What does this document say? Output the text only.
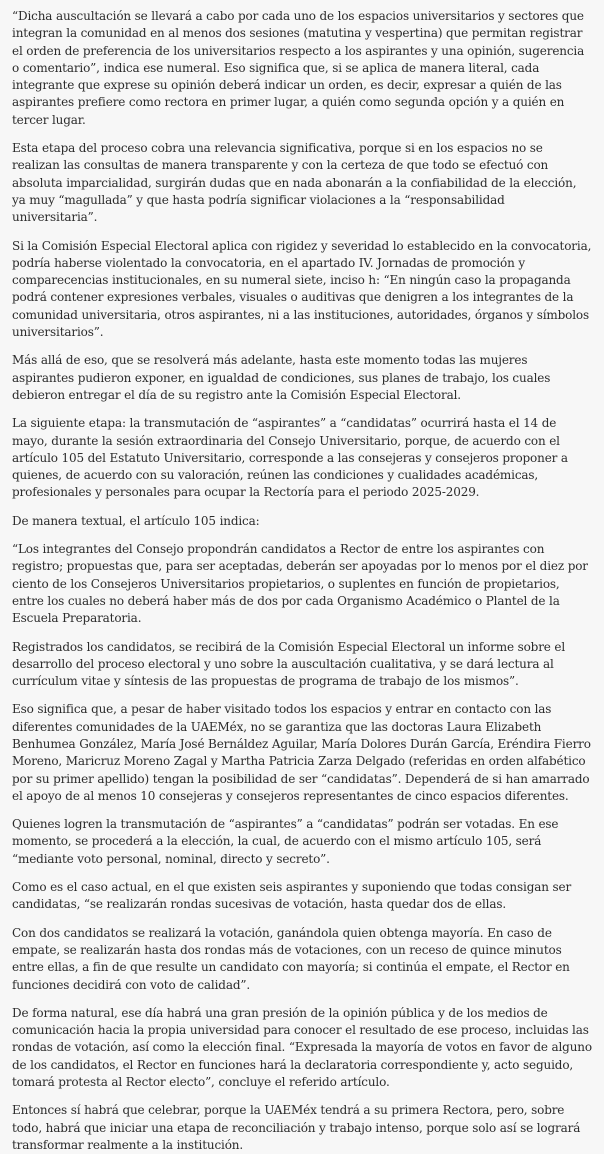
“Dicha auscultación se llevará a cabo por cada uno de los espacios universitarios y sectores que integran la comunidad en al menos dos sesiones (matutina y vespertina) que permitan registrar el orden de preferencia de los universitarios respecto a los aspirantes y una opinión, sugerencia o comentario”, indica ese numeral. Eso significa que, si se aplica de manera literal, cada integrante que exprese su opinión deberá indicar un orden, es decir, expresar a quién de las aspirantes prefiere como rectora en primer lugar, a quién como segunda opción y a quién en tercer lugar.

Esta etapa del proceso cobra una relevancia significativa, porque si en los espacios no se realizan las consultas de manera transparente y con la certeza de que todo se efectuó con absoluta imparcialidad, surgirán dudas que en nada abonarán a la confiabilidad de la elección, ya muy “magullada” y que hasta podría significar violaciones a la “responsabilidad universitaria”.

Si la Comisión Especial Electoral aplica con rigidez y severidad lo establecido en la convocatoria, podría haberse violentado la convocatoria, en el apartado IV. Jornadas de promoción y comparecencias institucionales, en su numeral siete, inciso h: “En ningún caso la propaganda podrá contener expresiones verbales, visuales o auditivas que denigren a los integrantes de la comunidad universitaria, otros aspirantes, ni a las instituciones, autoridades, órganos y símbolos universitarios”.

Más allá de eso, que se resolverá más adelante, hasta este momento todas las mujeres aspirantes pudieron exponer, en igualdad de condiciones, sus planes de trabajo, los cuales debieron entregar el día de su registro ante la Comisión Especial Electoral.

La siguiente etapa: la transmutación de “aspirantes” a “candidatas” ocurrirá hasta el 14 de mayo, durante la sesión extraordinaria del Consejo Universitario, porque, de acuerdo con el artículo 105 del Estatuto Universitario, corresponde a las consejeras y consejeros proponer a quienes, de acuerdo con su valoración, reúnen las condiciones y cualidades académicas, profesionales y personales para ocupar la Rectoría para el periodo 2025-2029.

De manera textual, el artículo 105 indica:

“Los integrantes del Consejo propondrán candidatos a Rector de entre los aspirantes con registro; propuestas que, para ser aceptadas, deberán ser apoyadas por lo menos por el diez por ciento de los Consejeros Universitarios propietarios, o suplentes en función de propietarios, entre los cuales no deberá haber más de dos por cada Organismo Académico o Plantel de la Escuela Preparatoria.

Registrados los candidatos, se recibirá de la Comisión Especial Electoral un informe sobre el desarrollo del proceso electoral y uno sobre la auscultación cualitativa, y se dará lectura al currículum vitae y síntesis de las propuestas de programa de trabajo de los mismos”.

Eso significa que, a pesar de haber visitado todos los espacios y entrar en contacto con las diferentes comunidades de la UAEMéx, no se garantiza que las doctoras Laura Elizabeth Benhumea González, María José Bernáldez Aguilar, María Dolores Durán García, Eréndira Fierro Moreno, Maricruz Moreno Zagal y Martha Patricia Zarza Delgado (referidas en orden alfabético por su primer apellido) tengan la posibilidad de ser “candidatas”. Dependerá de si han amarrado el apoyo de al menos 10 consejeras y consejeros representantes de cinco espacios diferentes.

Quienes logren la transmutación de “aspirantes” a “candidatas” podrán ser votadas. En ese momento, se procederá a la elección, la cual, de acuerdo con el mismo artículo 105, será “mediante voto personal, nominal, directo y secreto”.

Como es el caso actual, en el que existen seis aspirantes y suponiendo que todas consigan ser candidatas, “se realizarán rondas sucesivas de votación, hasta quedar dos de ellas.

Con dos candidatos se realizará la votación, ganándola quien obtenga mayoría. En caso de empate, se realizarán hasta dos rondas más de votaciones, con un receso de quince minutos entre ellas, a fin de que resulte un candidato con mayoría; si continúa el empate, el Rector en funciones decidirá con voto de calidad”.

De forma natural, ese día habrá una gran presión de la opinión pública y de los medios de comunicación hacia la propia universidad para conocer el resultado de ese proceso, incluidas las rondas de votación, así como la elección final. “Expresada la mayoría de votos en favor de alguno de los candidatos, el Rector en funciones hará la declaratoria correspondiente y, acto seguido, tomará protesta al Rector electo”, concluye el referido artículo.

Entonces sí habrá que celebrar, porque la UAEMéx tendrá a su primera Rectora, pero, sobre todo, habrá que iniciar una etapa de reconciliación y trabajo intenso, porque solo así se logrará transformar realmente a la institución.
